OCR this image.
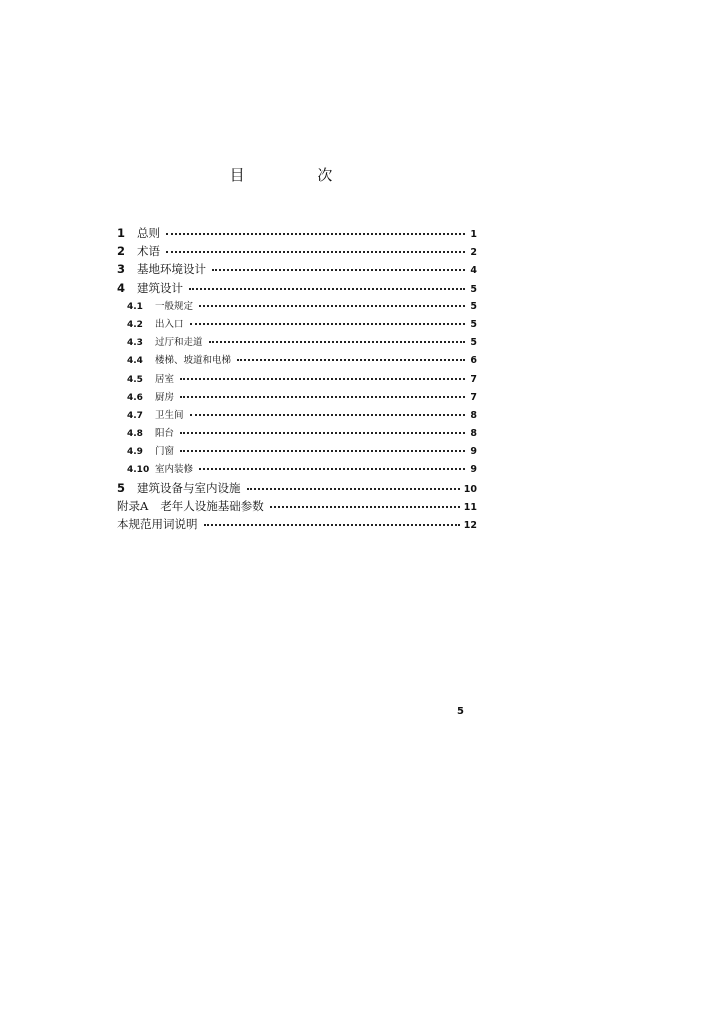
目 次
1	总则	1
2	术语	2
3	基地环境设计	4
4	建筑设计	5
4.1	一般规定	5
4.2	出入口	5
4.3	过厅和走道	5
4.4	楼梯、坡道和电梯	6
4.5	居室	7
4.6	厨房	7
4.7	卫生间	8
4.8	阳台	8
4.9	门窗	9
4.10 室内装修	9
5	建筑设备与室内设施	10
附录A 老年人设施基础参数	11
本规范用词说明	12
5
